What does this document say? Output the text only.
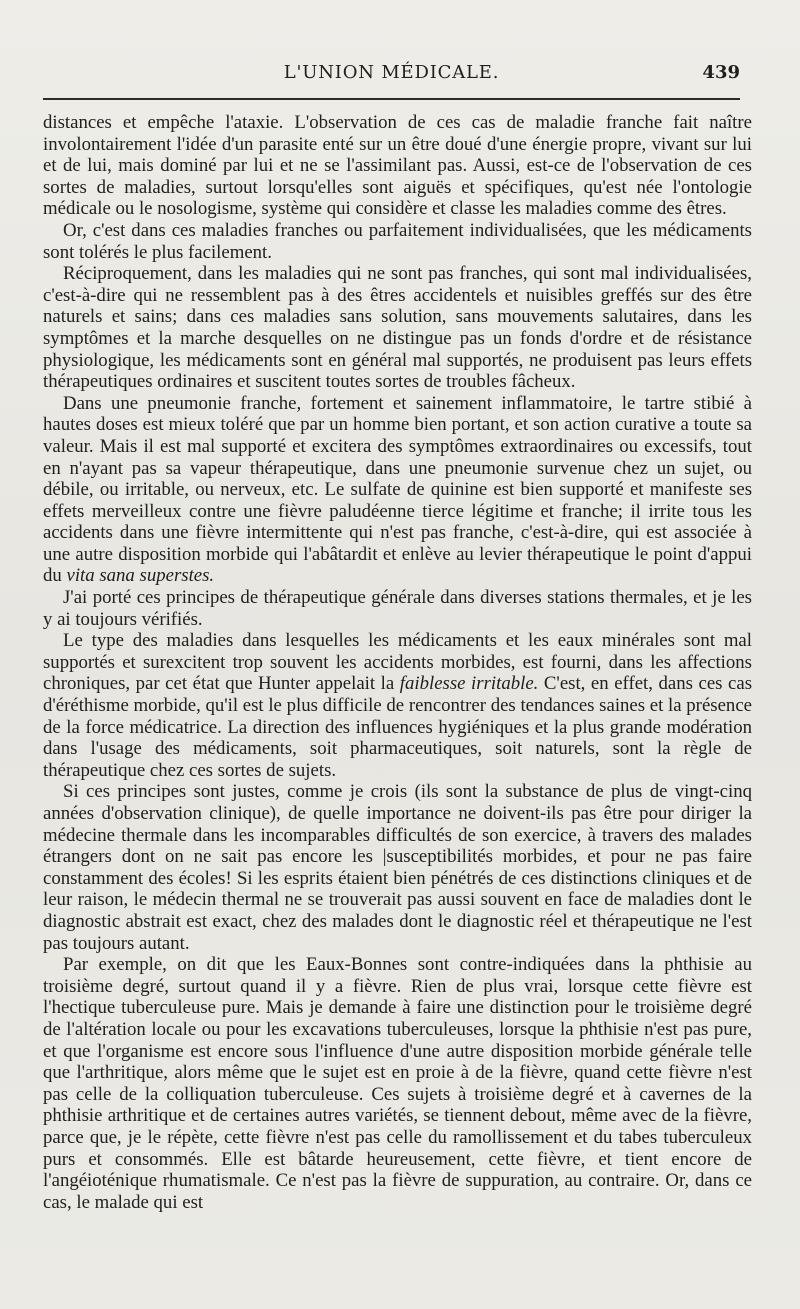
L'UNION MÉDICALE.	439

distances et empêche l'ataxie. L'observation de ces cas de maladie franche fait naître involontairement l'idée d'un parasite enté sur un être doué d'une énergie propre, vivant sur lui et de lui, mais dominé par lui et ne se l'assimilant pas. Aussi, est-ce de l'observation de ces sortes de maladies, surtout lorsqu'elles sont aiguës et spécifiques, qu'est née l'ontologie médicale ou le nosologisme, système qui considère et classe les maladies comme des êtres.

Or, c'est dans ces maladies franches ou parfaitement individualisées, que les médicaments sont tolérés le plus facilement.

Réciproquement, dans les maladies qui ne sont pas franches, qui sont mal individualisées, c'est-à-dire qui ne ressemblent pas à des êtres accidentels et nuisibles greffés sur des être naturels et sains; dans ces maladies sans solution, sans mouvements salutaires, dans les symptômes et la marche desquelles on ne distingue pas un fonds d'ordre et de résistance physiologique, les médicaments sont en général mal supportés, ne produisent pas leurs effets thérapeutiques ordinaires et suscitent toutes sortes de troubles fâcheux.

Dans une pneumonie franche, fortement et sainement inflammatoire, le tartre stibié à hautes doses est mieux toléré que par un homme bien portant, et son action curative a toute sa valeur. Mais il est mal supporté et excitera des symptômes extraordinaires ou excessifs, tout en n'ayant pas sa vapeur thérapeutique, dans une pneumonie survenue chez un sujet, ou débile, ou irritable, ou nerveux, etc. Le sulfate de quinine est bien supporté et manifeste ses effets merveilleux contre une fièvre paludéenne tierce légitime et franche; il irrite tous les accidents dans une fièvre intermittente qui n'est pas franche, c'est-à-dire, qui est associée à une autre disposition morbide qui l'abâtardit et enlève au levier thérapeutique le point d'appui du vita sana superstes.

J'ai porté ces principes de thérapeutique générale dans diverses stations thermales, et je les y ai toujours vérifiés.

Le type des maladies dans lesquelles les médicaments et les eaux minérales sont mal supportés et surexcitent trop souvent les accidents morbides, est fourni, dans les affections chroniques, par cet état que Hunter appelait la faiblesse irritable. C'est, en effet, dans ces cas d'éréthisme morbide, qu'il est le plus difficile de rencontrer des tendances saines et la présence de la force médicatrice. La direction des influences hygiéniques et la plus grande modération dans l'usage des médicaments, soit pharmaceutiques, soit naturels, sont la règle de thérapeutique chez ces sortes de sujets.

Si ces principes sont justes, comme je crois (ils sont la substance de plus de vingt-cinq années d'observation clinique), de quelle importance ne doivent-ils pas être pour diriger la médecine thermale dans les incomparables difficultés de son exercice, à travers des malades étrangers dont on ne sait pas encore les |susceptibilités morbides, et pour ne pas faire constamment des écoles! Si les esprits étaient bien pénétrés de ces distinctions cliniques et de leur raison, le médecin thermal ne se trouverait pas aussi souvent en face de maladies dont le diagnostic abstrait est exact, chez des malades dont le diagnostic réel et thérapeutique ne l'est pas toujours autant.

Par exemple, on dit que les Eaux-Bonnes sont contre-indiquées dans la phthisie au troisième degré, surtout quand il y a fièvre. Rien de plus vrai, lorsque cette fièvre est l'hectique tuberculeuse pure. Mais je demande à faire une distinction pour le troisième degré de l'altération locale ou pour les excavations tuberculeuses, lorsque la phthisie n'est pas pure, et que l'organisme est encore sous l'influence d'une autre disposition morbide générale telle que l'arthritique, alors même que le sujet est en proie à de la fièvre, quand cette fièvre n'est pas celle de la colliquation tuberculeuse. Ces sujets à troisième degré et à cavernes de la phthisie arthritique et de certaines autres variétés, se tiennent debout, même avec de la fièvre, parce que, je le répète, cette fièvre n'est pas celle du ramollissement et du tabes tuberculeux purs et consommés. Elle est bâtarde heureusement, cette fièvre, et tient encore de l'angéioténique rhumatismale. Ce n'est pas la fièvre de suppuration, au contraire. Or, dans ce cas, le malade qui est
